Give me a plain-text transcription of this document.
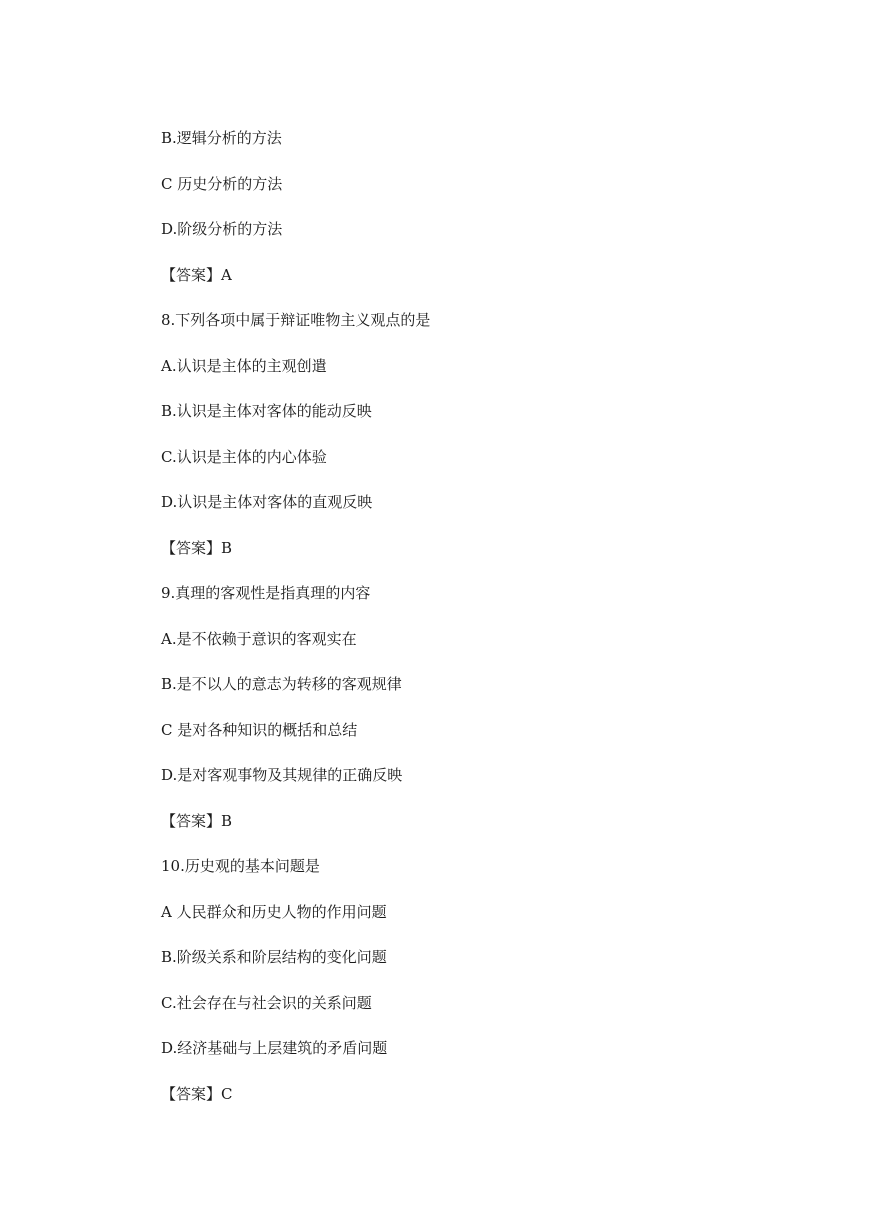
B.逻辑分析的方法
C 历史分析的方法
D.阶级分析的方法
【答案】A
8.下列各项中属于辩证唯物主义观点的是
A.认识是主体的主观创遣
B.认识是主体对客体的能动反映
C.认识是主体的内心体验
D.认识是主体对客体的直观反映
【答案】B
9.真理的客观性是指真理的内容
A.是不依赖于意识的客观实在
B.是不以人的意志为转移的客观规律
C 是对各种知识的概括和总结
D.是对客观事物及其规律的正确反映
【答案】B
10.历史观的基本问题是
A 人民群众和历史人物的作用问题
B.阶级关系和阶层结构的变化问题
C.社会存在与社会识的关系问题
D.经济基础与上层建筑的矛盾问题
【答案】C
